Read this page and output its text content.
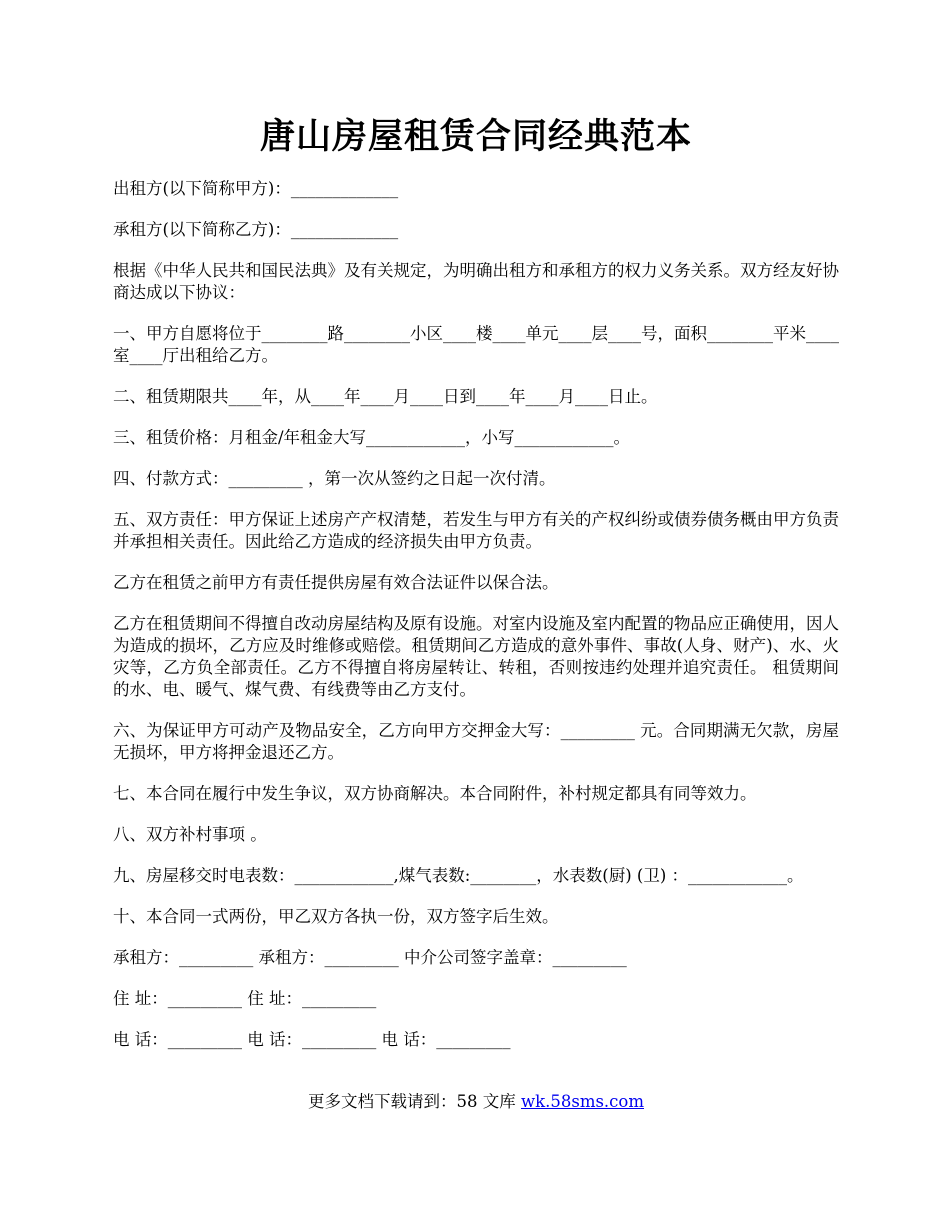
唐山房屋租赁合同经典范本

出租方(以下简称甲方)：_____________

承租方(以下简称乙方)：_____________

根据《中华人民共和国民法典》及有关规定，为明确出租方和承租方的权力义务关系。双方经友好协商达成以下协议：

一、甲方自愿将位于________路________小区____楼____单元____层____号，面积________平米____室____厅出租给乙方。

二、租赁期限共____年，从____年____月____日到____年____月____日止。

三、租赁价格：月租金/年租金大写____________，小写____________。

四、付款方式：_________ ，第一次从签约之日起一次付清。

五、双方责任：甲方保证上述房产产权清楚，若发生与甲方有关的产权纠纷或债券债务概由甲方负责并承担相关责任。因此给乙方造成的经济损失由甲方负责。

乙方在租赁之前甲方有责任提供房屋有效合法证件以保合法。

乙方在租赁期间不得擅自改动房屋结构及原有设施。对室内设施及室内配置的物品应正确使用，因人为造成的损坏，乙方应及时维修或赔偿。租赁期间乙方造成的意外事件、事故(人身、财产)、水、火灾等，乙方负全部责任。乙方不得擅自将房屋转让、转租，否则按违约处理并追究责任。 租赁期间的水、电、暖气、煤气费、有线费等由乙方支付。

六、为保证甲方可动产及物品安全，乙方向甲方交押金大写：_________ 元。合同期满无欠款，房屋无损坏，甲方将押金退还乙方。

七、本合同在履行中发生争议，双方协商解决。本合同附件，补村规定都具有同等效力。

八、双方补村事项 。

九、房屋移交时电表数：____________,煤气表数:________，水表数(厨) (卫) ：____________。

十、本合同一式两份，甲乙双方各执一份，双方签字后生效。

承租方：_________ 承租方：_________ 中介公司签字盖章：_________

住 址：_________ 住 址：_________

电 话：_________ 电 话：_________ 电 话：_________

更多文档下载请到：58 文库 wk.58sms.com
